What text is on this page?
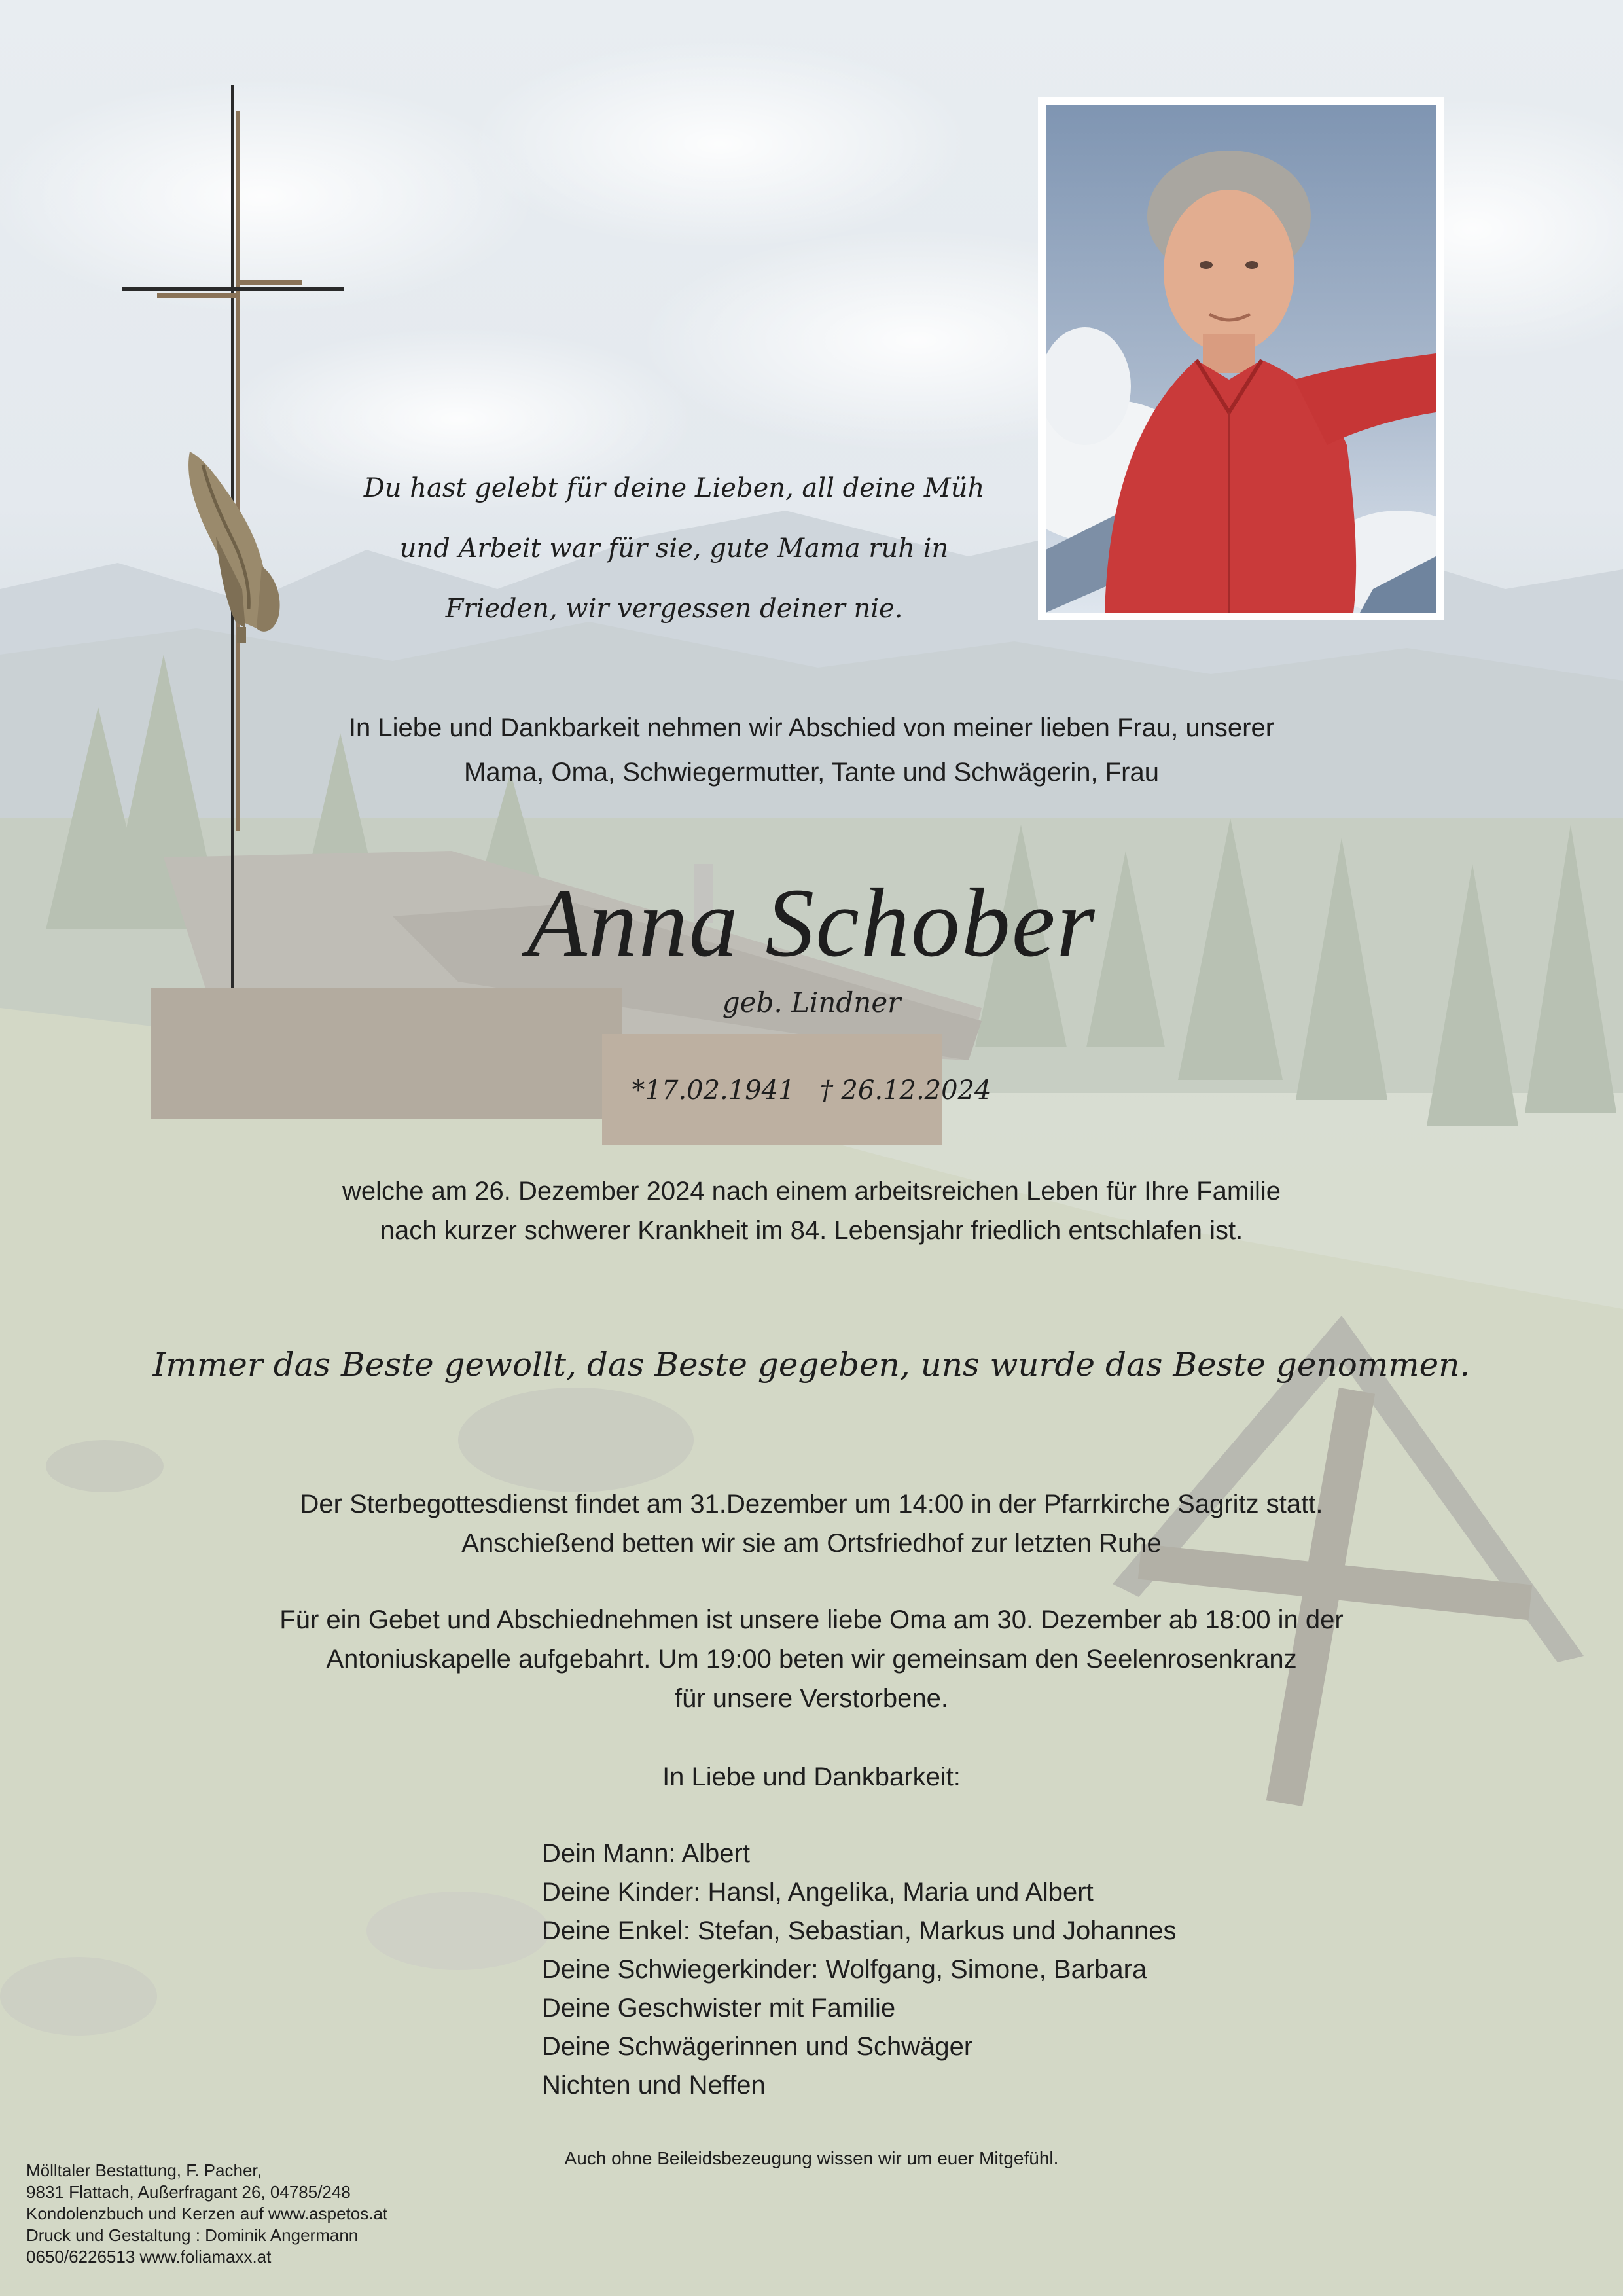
Du hast gelebt für deine Lieben, all deine Müh
und Arbeit war für sie, gute Mama ruh in
Frieden, wir vergessen deiner nie.
In Liebe und Dankbarkeit nehmen wir Abschied von meiner lieben Frau, unserer
Mama, Oma, Schwiegermutter, Tante und Schwägerin, Frau
Anna Schober
geb. Lindner
*17.02.1941   † 26.12.2024
welche am 26. Dezember 2024 nach einem arbeitsreichen Leben für Ihre Familie
nach kurzer schwerer Krankheit im 84. Lebensjahr friedlich entschlafen ist.
Immer das Beste gewollt, das Beste gegeben, uns wurde das Beste genommen.
Der Sterbegottesdienst findet am 31.Dezember um 14:00 in der Pfarrkirche Sagritz statt.
Anschießend betten wir sie am Ortsfriedhof zur letzten Ruhe
Für ein Gebet und Abschiednehmen ist unsere liebe Oma am 30. Dezember ab 18:00 in der
Antoniuskapelle aufgebahrt. Um 19:00 beten wir gemeinsam den Seelenrosenkranz
für unsere Verstorbene.
In Liebe und Dankbarkeit:
Dein Mann: Albert
Deine Kinder: Hansl, Angelika, Maria und Albert
Deine Enkel: Stefan, Sebastian, Markus und Johannes
Deine Schwiegerkinder: Wolfgang, Simone, Barbara
Deine Geschwister mit Familie
Deine Schwägerinnen und Schwäger
Nichten und Neffen
Auch ohne Beileidsbezeugung wissen wir um euer Mitgefühl.
Mölltaler Bestattung, F. Pacher,
9831 Flattach, Außerfragant 26, 04785/248
Kondolenzbuch und Kerzen auf www.aspetos.at
Druck und Gestaltung : Dominik Angermann
0650/6226513 www.foliamaxx.at
